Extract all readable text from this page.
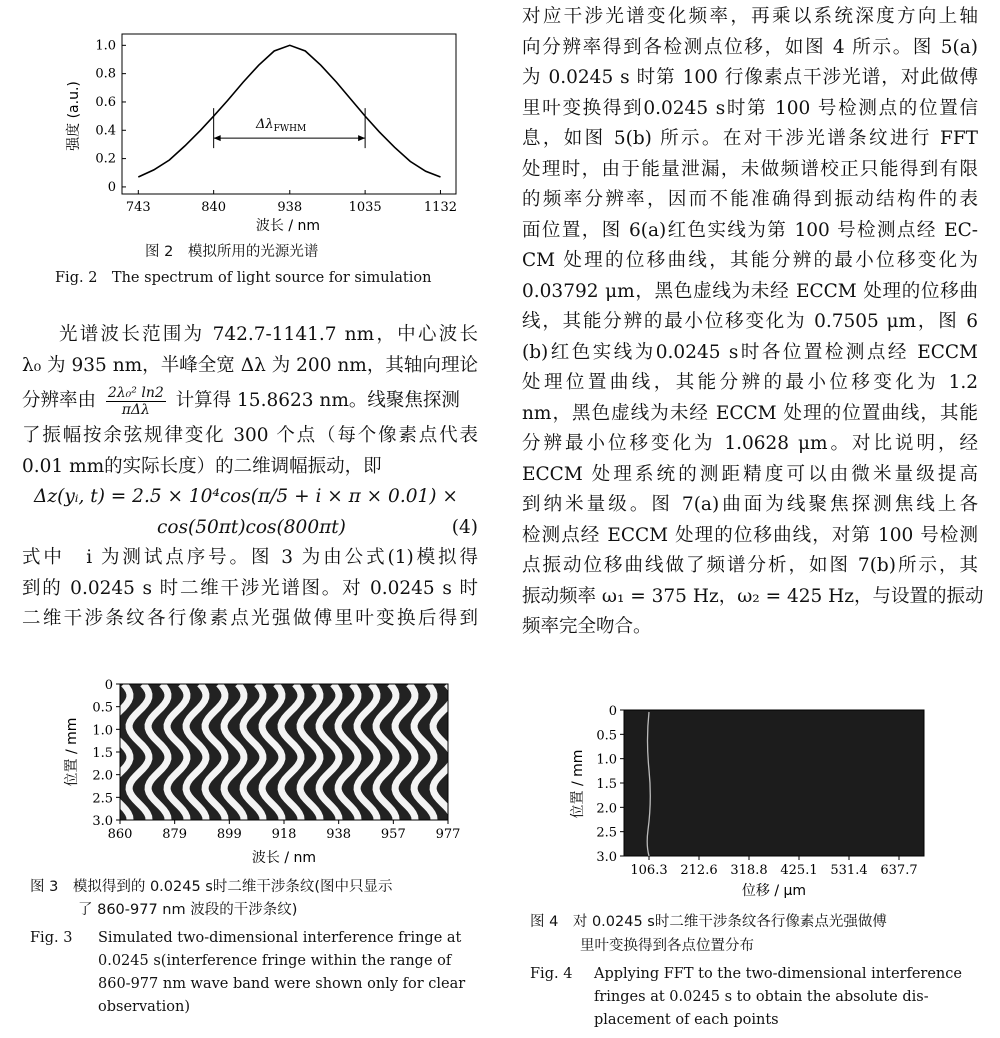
743	840	938	1035	1132
0
0.2
0.4
0.6
0.8
1.0
$\Delta\lambda_{FWHM}$
波长 / nm
强度 (a.u.)
图 2　模拟所用的光源光谱
Fig. 2　The spectrum of light source for simulation
光谱波长范围为 742.7-1141.7 nm，中心波长
λ₀ 为 935 nm，半峰全宽 Δλ 为 200 nm，其轴向理论
分辨率由 2λ₀² ln2
πΔλ	计算得 15.8623 nm。线聚焦探测
了振幅按余弦规律变化 300 个点（每个像素点代表
0.01 mm的实际长度）的二维调幅振动，即
Δz(yᵢ, t) = 2.5 × 10⁴cos(π/5 + i × π × 0.01) ×
cos(50πt)cos(800πt)	(4)
式中　i 为测试点序号。图 3 为由公式(1)模拟得
到的 0.0245 s 时二维干涉光谱图。对 0.0245 s 时
二维干涉条纹各行像素点光强做傅里叶变换后得到
860 879 899 918 938 957 977
0
0.5
1.0
1.5
2.0
2.5
3.0
波长 / nm
位置 / mm
图 3　模拟得到的 0.0245 s时二维干涉条纹(图中只显示
了 860-977 nm 波段的干涉条纹)
Fig. 3 Simulated two-dimensional interference fringe at
0.0245 s(interference fringe within the range of
860-977 nm wave band were shown only for clear
observation)
对应干涉光谱变化频率，再乘以系统深度方向上轴
向分辨率得到各检测点位移，如图 4 所示。图 5(a)
为 0.0245 s 时第 100 行像素点干涉光谱，对此做傅
里叶变换得到0.0245 s时第 100 号检测点的位置信
息，如图 5(b) 所示。在对干涉光谱条纹进行 FFT
处理时，由于能量泄漏，未做频谱校正只能得到有限
的频率分辨率，因而不能准确得到振动结构件的表
面位置，图 6(a)红色实线为第 100 号检测点经 EC-
CM 处理的位移曲线，其能分辨的最小位移变化为
0.03792 μm，黑色虚线为未经 ECCM 处理的位移曲
线，其能分辨的最小位移变化为 0.7505 μm，图 6
(b)红色实线为0.0245 s时各位置检测点经 ECCM
处理位置曲线，其能分辨的最小位移变化为 1.2
nm，黑色虚线为未经 ECCM 处理的位置曲线，其能
分辨最小位移变化为 1.0628 μm。对比说明，经
ECCM 处理系统的测距精度可以由微米量级提高
到纳米量级。图 7(a)曲面为线聚焦探测焦线上各
检测点经 ECCM 处理的位移曲线，对第 100 号检测
点振动位移曲线做了频谱分析，如图 7(b)所示，其
振动频率 ω₁ = 375 Hz，ω₂ = 425 Hz，与设置的振动
频率完全吻合。
106.3 212.6 318.8 425.1 531.4 637.7
0
0.5
1.0
1.5
2.0
2.5
3.0
位移 / μm
位置 / mm
图 4　对 0.0245 s时二维干涉条纹各行像素点光强做傅
里叶变换得到各点位置分布
Fig. 4 Applying FFT to the two-dimensional interference
fringes at 0.0245 s to obtain the absolute dis-
placement of each points
